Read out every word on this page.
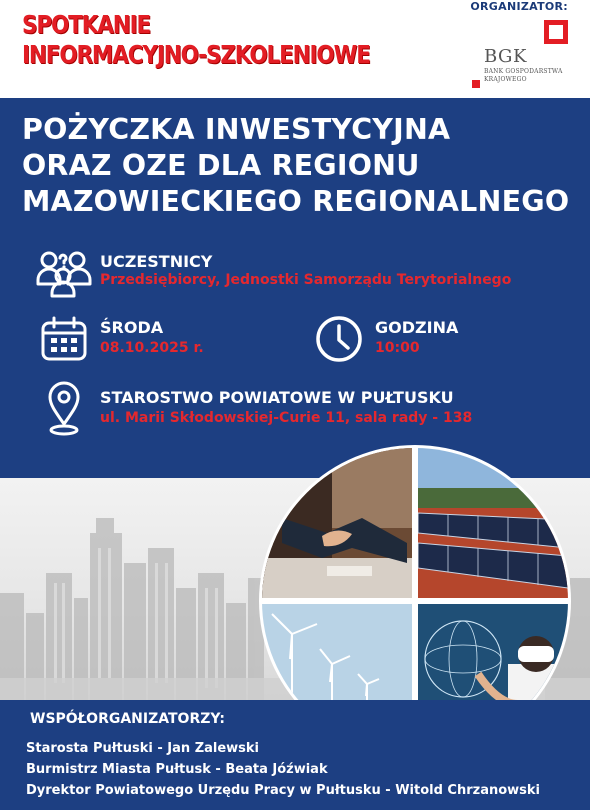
SPOTKANIE
INFORMACYJNO-SZKOLENIOWE
ORGANIZATOR:
BGK
BANK GOSPODARSTWA KRAJOWEGO
POŻYCZKA INWESTYCYJNA
ORAZ OZE DLA REGIONU
MAZOWIECKIEGO REGIONALNEGO
UCZESTNICY
Przedsiębiorcy, Jednostki Samorządu Terytorialnego
ŚRODA
08.10.2025 r.
GODZINA
10:00
STAROSTWO POWIATOWE W PUŁTUSKU
ul. Marii Skłodowskiej-Curie 11, sala rady - 138
WSPÓŁORGANIZATORZY:
Starosta Pułtuski - Jan Zalewski
Burmistrz Miasta Pułtusk - Beata Jóźwiak
Dyrektor Powiatowego Urzędu Pracy w Pułtusku - Witold Chrzanowski
